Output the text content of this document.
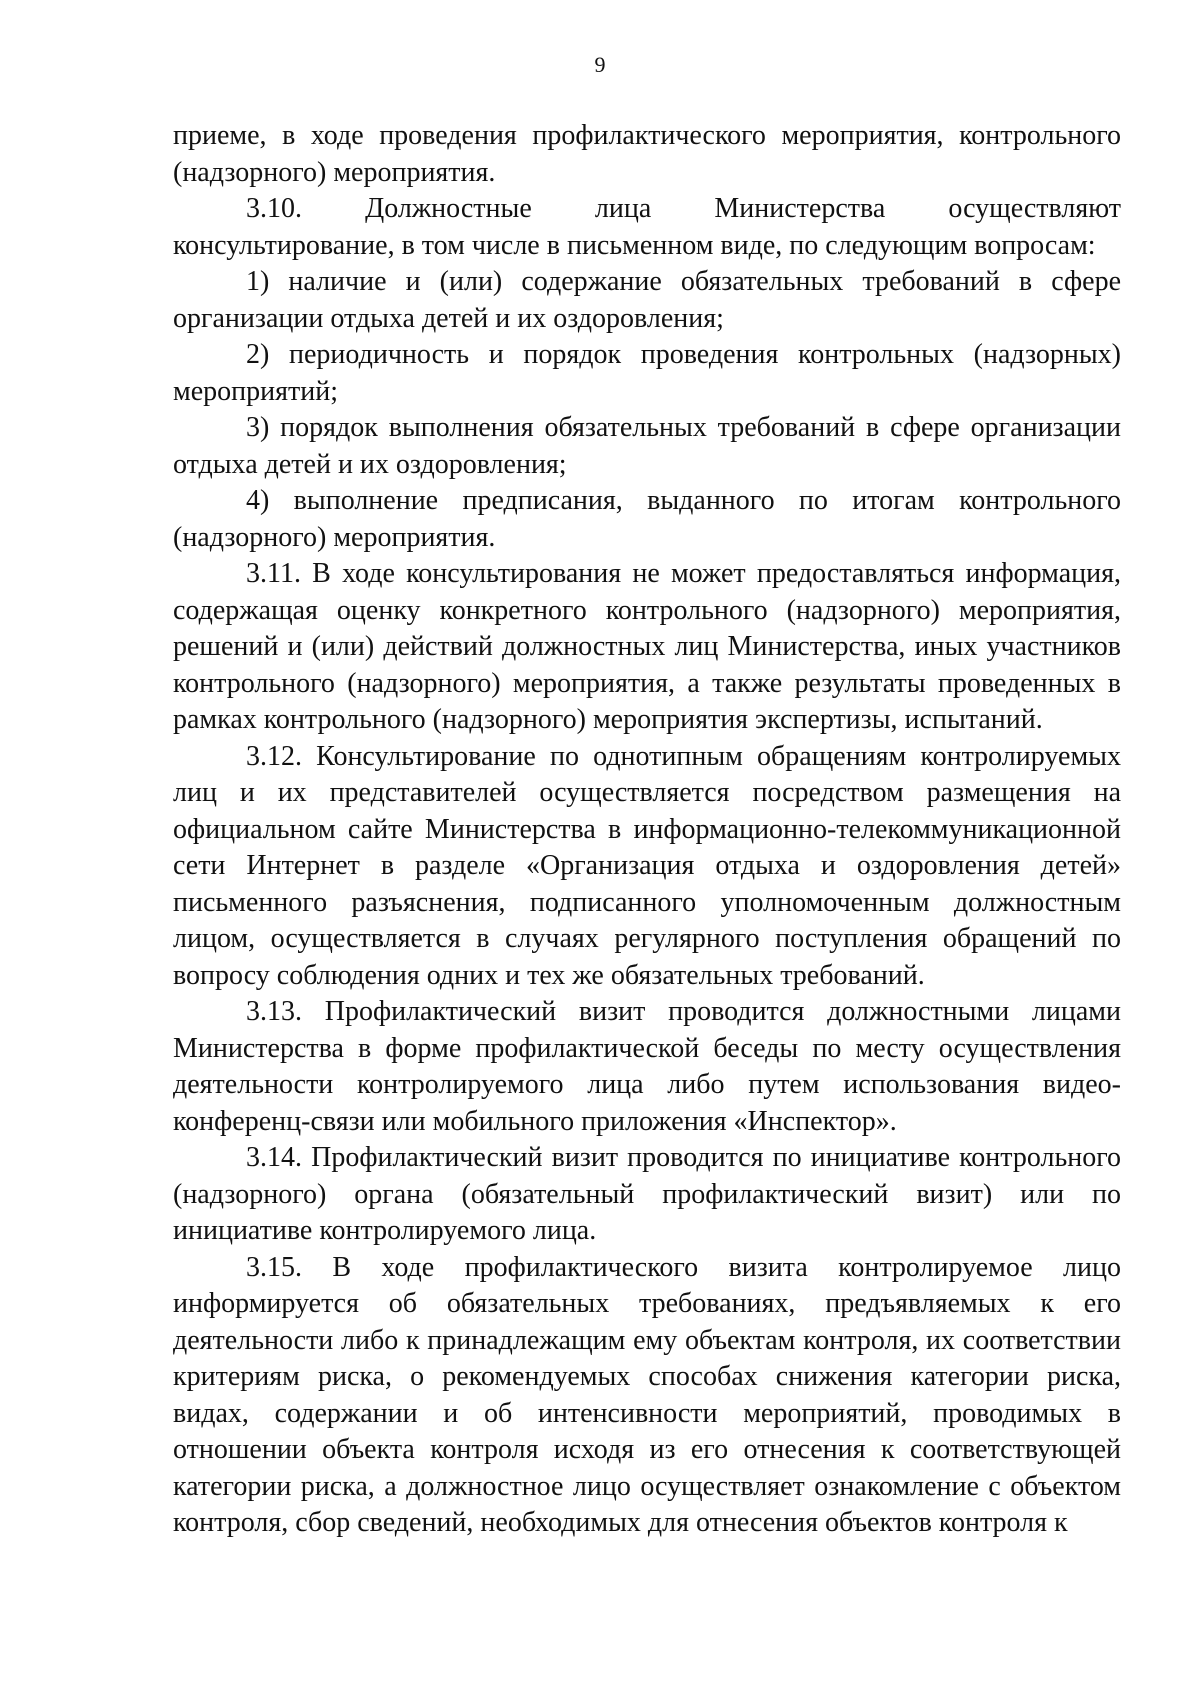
9

приеме, в ходе проведения профилактического мероприятия, контрольного (надзорного) мероприятия.

3.10. Должностные лица Министерства осуществляют консультирование, в том числе в письменном виде, по следующим вопросам:

1) наличие и (или) содержание обязательных требований в сфере организации отдыха детей и их оздоровления;

2) периодичность и порядок проведения контрольных (надзорных) мероприятий;

3) порядок выполнения обязательных требований в сфере организации отдыха детей и их оздоровления;

4) выполнение предписания, выданного по итогам контрольного (надзорного) мероприятия.

3.11. В ходе консультирования не может предоставляться информация, содержащая оценку конкретного контрольного (надзорного) мероприятия, решений и (или) действий должностных лиц Министерства, иных участников контрольного (надзорного) мероприятия, а также результаты проведенных в рамках контрольного (надзорного) мероприятия экспертизы, испытаний.

3.12. Консультирование по однотипным обращениям контролируемых лиц и их представителей осуществляется посредством размещения на официальном сайте Министерства в информационно-телекоммуникационной сети Интернет в разделе «Организация отдыха и оздоровления детей» письменного разъяснения, подписанного уполномоченным должностным лицом, осуществляется в случаях регулярного поступления обращений по вопросу соблюдения одних и тех же обязательных требований.

3.13. Профилактический визит проводится должностными лицами Министерства в форме профилактической беседы по месту осуществления деятельности контролируемого лица либо путем использования видео-конференц-связи или мобильного приложения «Инспектор».

3.14. Профилактический визит проводится по инициативе контрольного (надзорного) органа (обязательный профилактический визит) или по инициативе контролируемого лица.

3.15. В ходе профилактического визита контролируемое лицо информируется об обязательных требованиях, предъявляемых к его деятельности либо к принадлежащим ему объектам контроля, их соответствии критериям риска, о рекомендуемых способах снижения категории риска, видах, содержании и об интенсивности мероприятий, проводимых в отношении объекта контроля исходя из его отнесения к соответствующей категории риска, а должностное лицо осуществляет ознакомление с объектом контроля, сбор сведений, необходимых для отнесения объектов контроля к
